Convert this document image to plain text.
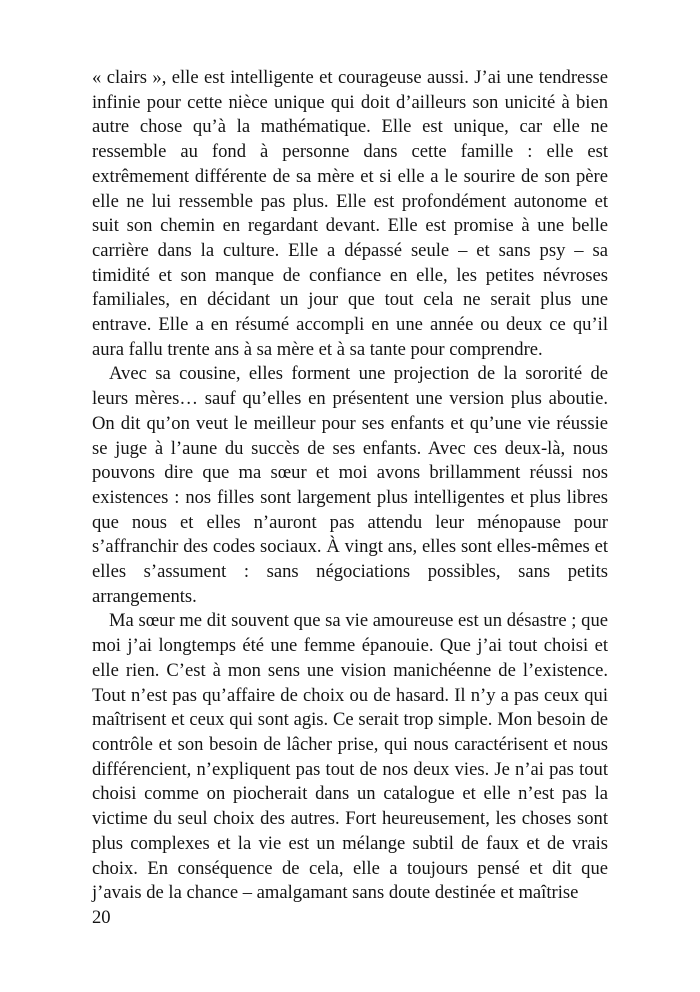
« clairs », elle est intelligente et courageuse aussi. J’ai une tendresse infinie pour cette nièce unique qui doit d’ailleurs son unicité à bien autre chose qu’à la mathématique. Elle est unique, car elle ne ressemble au fond à personne dans cette famille : elle est extrêmement différente de sa mère et si elle a le sourire de son père elle ne lui ressemble pas plus. Elle est profondément autonome et suit son chemin en regardant devant. Elle est promise à une belle carrière dans la culture. Elle a dépassé seule – et sans psy – sa timidité et son manque de confiance en elle, les petites névroses familiales, en décidant un jour que tout cela ne serait plus une entrave. Elle a en résumé accompli en une année ou deux ce qu’il aura fallu trente ans à sa mère et à sa tante pour comprendre.

Avec sa cousine, elles forment une projection de la sororité de leurs mères… sauf qu’elles en présentent une version plus aboutie. On dit qu’on veut le meilleur pour ses enfants et qu’une vie réussie se juge à l’aune du succès de ses enfants. Avec ces deux-là, nous pouvons dire que ma sœur et moi avons brillamment réussi nos existences : nos filles sont largement plus intelligentes et plus libres que nous et elles n’auront pas attendu leur ménopause pour s’affranchir des codes sociaux. À vingt ans, elles sont elles-mêmes et elles s’assument : sans négociations possibles, sans petits arrangements.

Ma sœur me dit souvent que sa vie amoureuse est un désastre ; que moi j’ai longtemps été une femme épanouie. Que j’ai tout choisi et elle rien. C’est à mon sens une vision manichéenne de l’existence. Tout n’est pas qu’affaire de choix ou de hasard. Il n’y a pas ceux qui maîtrisent et ceux qui sont agis. Ce serait trop simple. Mon besoin de contrôle et son besoin de lâcher prise, qui nous caractérisent et nous différencient, n’expliquent pas tout de nos deux vies. Je n’ai pas tout choisi comme on piocherait dans un catalogue et elle n’est pas la victime du seul choix des autres. Fort heureusement, les choses sont plus complexes et la vie est un mélange subtil de faux et de vrais choix. En conséquence de cela, elle a toujours pensé et dit que j’avais de la chance – amalgamant sans doute destinée et maîtrise

20
